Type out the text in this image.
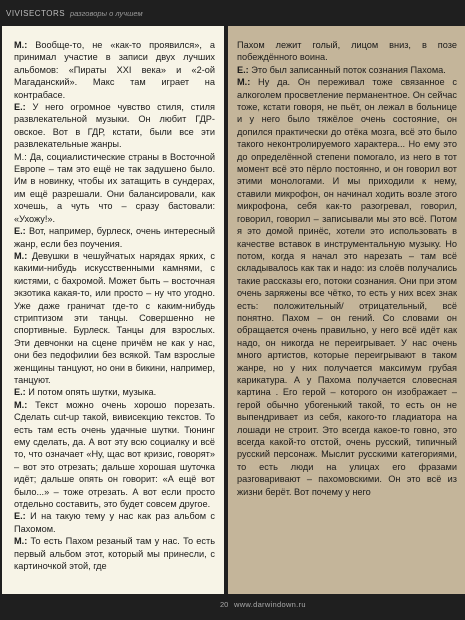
VIVISECTORS разговоры о лучшем

М.: Вообще-то, не «как-то проявился», а принимал участие в записи двух лучших альбомов: «Пираты XXI века» и «2-ой Магаданский». Макс там играет на контрабасе.

Е.: У него огромное чувство стиля, стиля развлекательной музыки. Он любит ГДР-овское. Вот в ГДР, кстати, были все эти развлекательные жанры.

М.: Да, социалистические страны в Восточной Европе – там это ещё не так задушено было. Им в новинку, чтобы их затащить в сундерах, им ещё разрешали. Они балансировали, как хочешь, а чуть что – сразу бастовали: «Ухожу!».

Е.: Вот, например, бурлеск, очень интересный жанр, если без поучения.

М.: Девушки в чешуйчатых нарядах ярких, с какими-нибудь искусственными камнями, с кистями, с бахромой. Может быть – восточная экзотика какая-то, или просто – ну что угодно. Уже даже граничат где-то с каким-нибудь стриптизом эти танцы. Совершенно не спортивные. Бурлеск. Танцы для взрослых. Эти девчонки на сцене причём не как у нас, они без педофилии без всякой. Там взрослые женщины танцуют, но они в бикини, например, танцуют.

Е.: И потом опять шутки, музыка.

М.: Текст можно очень хорошо порезать. Сделать cut-up такой, вивисекцию текстов. То есть там есть очень удачные шутки. Тюнинг ему сделать, да. А вот эту всю социалку и всё то, что означает «Ну, щас вот кризис, говорят» – вот это отрезать; дальше хорошая шуточка идёт; дальше опять он говорит: «А ещё вот было...» – тоже отрезать. А вот если просто отдельно составить, это будет совсем другое.

Е.: И на такую тему у нас как раз альбом с Пахомом.

М.: То есть Пахом резаный там у нас. То есть первый альбом этот, который мы принесли, с картиночкой этой, где

Пахом лежит голый, лицом вниз, в позе побеждённого воина.

Е.: Это был записанный поток сознания Пахома.

М.: Ну да. Он переживал тоже связанное с алкоголем просветление перманентное. Он сейчас тоже, кстати говоря, не пьёт, он лежал в больнице и у него было тяжёлое очень состояние, он допился практически до отёка мозга, всё это было такого неконтролируемого характера... Но ему это до определённой степени помогало, из него в тот момент всё это пёрло постоянно, и он говорил вот этими монологами. И мы приходили к нему, ставили микрофон, он начинал ходить возле этого микрофона, себя как-то разогревал, говорил, говорил, говорил – записывали мы это всё. Потом я это домой принёс, хотели это использовать в качестве вставок в инструментальную музыку. Но потом, когда я начал это нарезать – там всё складывалось как так и надо: из слоёв получались такие рассказы его, потоки сознания. Они при этом очень заряжены все чётко, то есть у них всех знак есть: положительный/ отрицательный, всё понятно. Пахом – он гений. Со словами он обращается очень правильно, у него всё идёт как надо, он никогда не переигрывает. У нас очень много артистов, которые переигрывают в таком жанре, но у них получается максимум грубая карикатура. А у Пахома получается словесная картина . Его герой – которого он изображает – герой обычно убогенький такой, то есть он не выпендривает из себя, какого-то гладиатора на лошади не строит. Это всегда какое-то говно, это всегда какой-то отстой, очень русский, типичный русский персонаж. Мыслит русскими категориями, то есть люди на улицах его фразами разговаривают – пахомовскими. Он это всё из жизни берёт. Вот почему у него

20 www.darwindown.ru
